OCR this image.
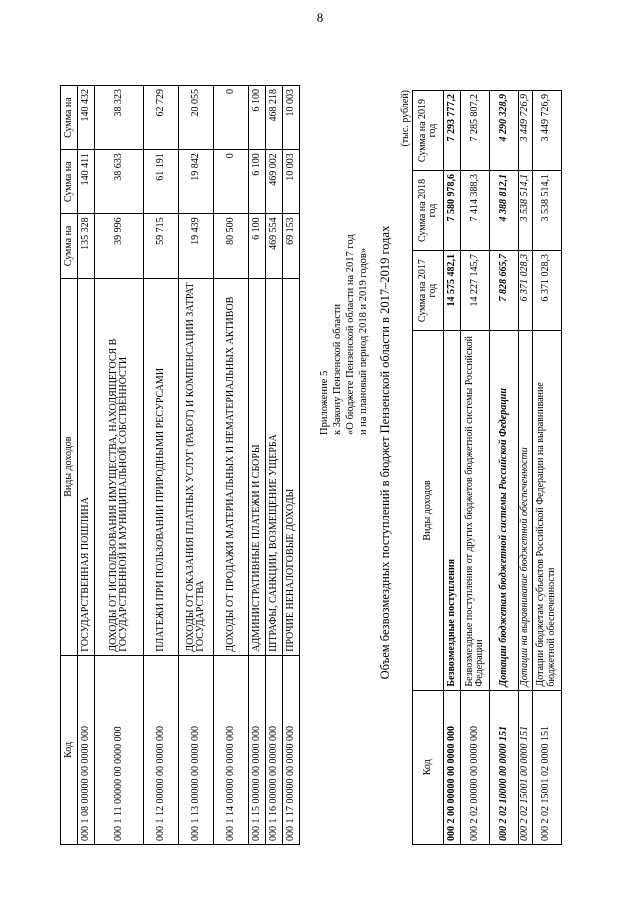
8
Код	Виды доходов	Сумма на	Сумма на	Сумма на
000 1 08 00000 00 0000 000	ГОСУДАРСТВЕННАЯ ПОШЛИНА	135 328	140 411	140 432
000 1 11 00000 00 0000 000	ДОХОДЫ ОТ ИСПОЛЬЗОВАНИЯ ИМУЩЕСТВА, НАХОДЯЩЕГОСЯ В ГОСУДАРСТВЕННОЙ И МУНИЦИПАЛЬНОЙ СОБСТВЕННОСТИ	39 996	38 633	38 323
000 1 12 00000 00 0000 000	ПЛАТЕЖИ ПРИ ПОЛЬЗОВАНИИ ПРИРОДНЫМИ РЕСУРСАМИ	59 715	61 191	62 729
000 1 13 00000 00 0000 000	ДОХОДЫ ОТ ОКАЗАНИЯ ПЛАТНЫХ УСЛУГ (РАБОТ) И КОМПЕНСАЦИИ ЗАТРАТ ГОСУДАРСТВА	19 439	19 842	20 055
000 1 14 00000 00 0000 000	ДОХОДЫ ОТ ПРОДАЖИ МАТЕРИАЛЬНЫХ И НЕМАТЕРИАЛЬНЫХ АКТИВОВ	80 500	0	0
000 1 15 00000 00 0000 000	АДМИНИСТРАТИВНЫЕ ПЛАТЕЖИ И СБОРЫ	6 100	6 100	6 100
000 1 16 00000 00 0000 000	ШТРАФЫ, САНКЦИИ, ВОЗМЕЩЕНИЕ УЩЕРБА	469 554	469 002	468 218
000 1 17 00000 00 0000 000	ПРОЧИЕ НЕНАЛОГОВЫЕ ДОХОДЫ	69 153	10 003	10 003
Приложение 5 к Закону Пензенской области «О бюджете Пензенской области на 2017 год и на плановый период 2018 и 2019 годов» Объем безвозмездных поступлений в бюджет Пензенской области в 2017–2019 годах
(тыс. рублей)
Код	Виды доходов	Сумма на 2017 год	Сумма на 2018 год	Сумма на 2019 год
000 2 00 00000 00 0000 000	Безвозмездные поступления	14 575 482,1	7 580 978,6	7 293 777,2
000 2 02 00000 00 0000 000	Безвозмездные поступления от других бюджетов бюджетной системы Российской Федерации	14 227 145,7	7 414 388,3	7 285 807,2
000 2 02 10000 00 0000 151	Дотации бюджетам бюджетной системы Российской Федерации	7 828 665,7	4 388 812,1	4 290 328,9
000 2 02 15001 00 0000 151	Дотации на выравнивание бюджетной обеспеченности	6 371 028,3	3 538 514,1	3 449 726,9
000 2 02 15001 02 0000 151	Дотации бюджетам субъектов Российской Федерации на выравнивание бюджетной обеспеченности	6 371 028,3	3 538 514,1	3 449 726,9
